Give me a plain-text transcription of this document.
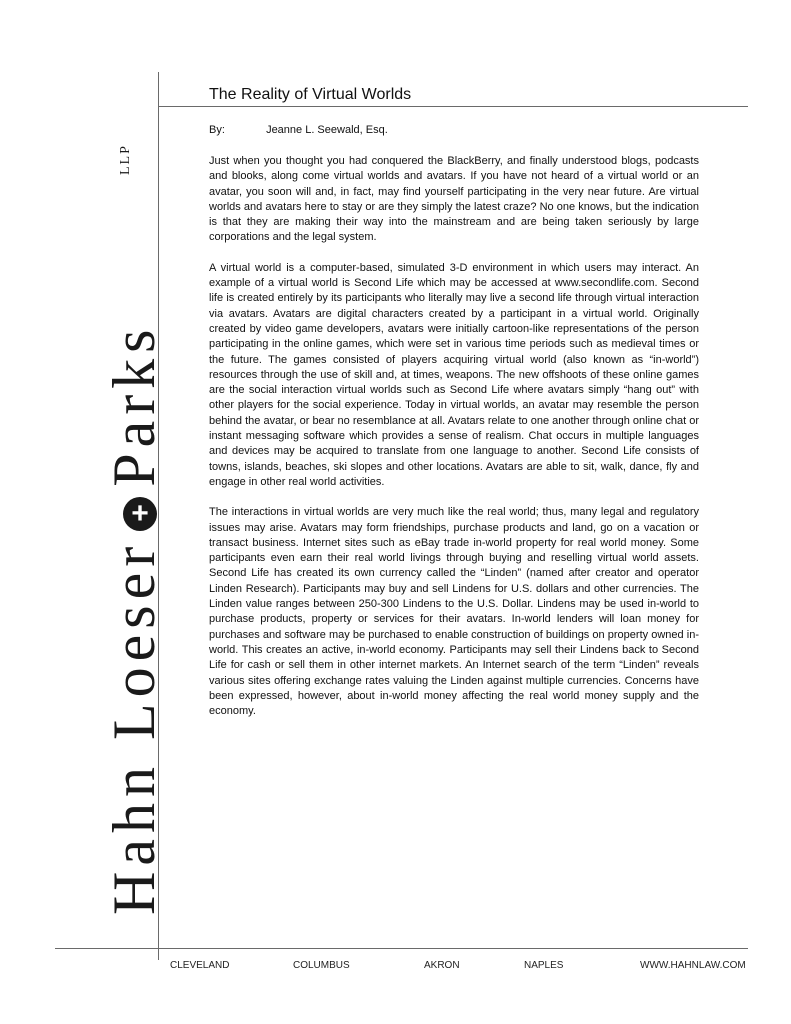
Hahn Loeser+Parks
LLP
The Reality of Virtual Worlds
By:	Jeanne L. Seewald, Esq.

Just when you thought you had conquered the BlackBerry, and finally understood blogs, podcasts and blooks, along come virtual worlds and avatars. If you have not heard of a virtual world or an avatar, you soon will and, in fact, may find yourself participating in the very near future. Are virtual worlds and avatars here to stay or are they simply the latest craze? No one knows, but the indication is that they are making their way into the mainstream and are being taken seriously by large corporations and the legal system.

A virtual world is a computer-based, simulated 3-D environment in which users may interact. An example of a virtual world is Second Life which may be accessed at www.secondlife.com. Second life is created entirely by its participants who literally may live a second life through virtual interaction via avatars. Avatars are digital characters created by a participant in a virtual world. Originally created by video game developers, avatars were initially cartoon-like representations of the person participating in the online games, which were set in various time periods such as medieval times or the future. The games consisted of players acquiring virtual world (also known as “in-world”) resources through the use of skill and, at times, weapons. The new offshoots of these online games are the social interaction virtual worlds such as Second Life where avatars simply “hang out” with other players for the social experience. Today in virtual worlds, an avatar may resemble the person behind the avatar, or bear no resemblance at all. Avatars relate to one another through online chat or instant messaging software which provides a sense of realism. Chat occurs in multiple languages and devices may be acquired to translate from one language to another. Second Life consists of towns, islands, beaches, ski slopes and other locations. Avatars are able to sit, walk, dance, fly and engage in other real world activities.

The interactions in virtual worlds are very much like the real world; thus, many legal and regulatory issues may arise. Avatars may form friendships, purchase products and land, go on a vacation or transact business. Internet sites such as eBay trade in-world property for real world money. Some participants even earn their real world livings through buying and reselling virtual world assets. Second Life has created its own currency called the “Linden” (named after creator and operator Linden Research). Participants may buy and sell Lindens for U.S. dollars and other currencies. The Linden value ranges between 250-300 Lindens to the U.S. Dollar. Lindens may be used in-world to purchase products, property or services for their avatars. In-world lenders will loan money for purchases and software may be purchased to enable construction of buildings on property owned in-world. This creates an active, in-world economy. Participants may sell their Lindens back to Second Life for cash or sell them in other internet markets. An Internet search of the term “Linden” reveals various sites offering exchange rates valuing the Linden against multiple currencies. Concerns have been expressed, however, about in-world money affecting the real world money supply and the economy.

CLEVELAND	COLUMBUS	AKRON	NAPLES	WWW.HAHNLAW.COM
